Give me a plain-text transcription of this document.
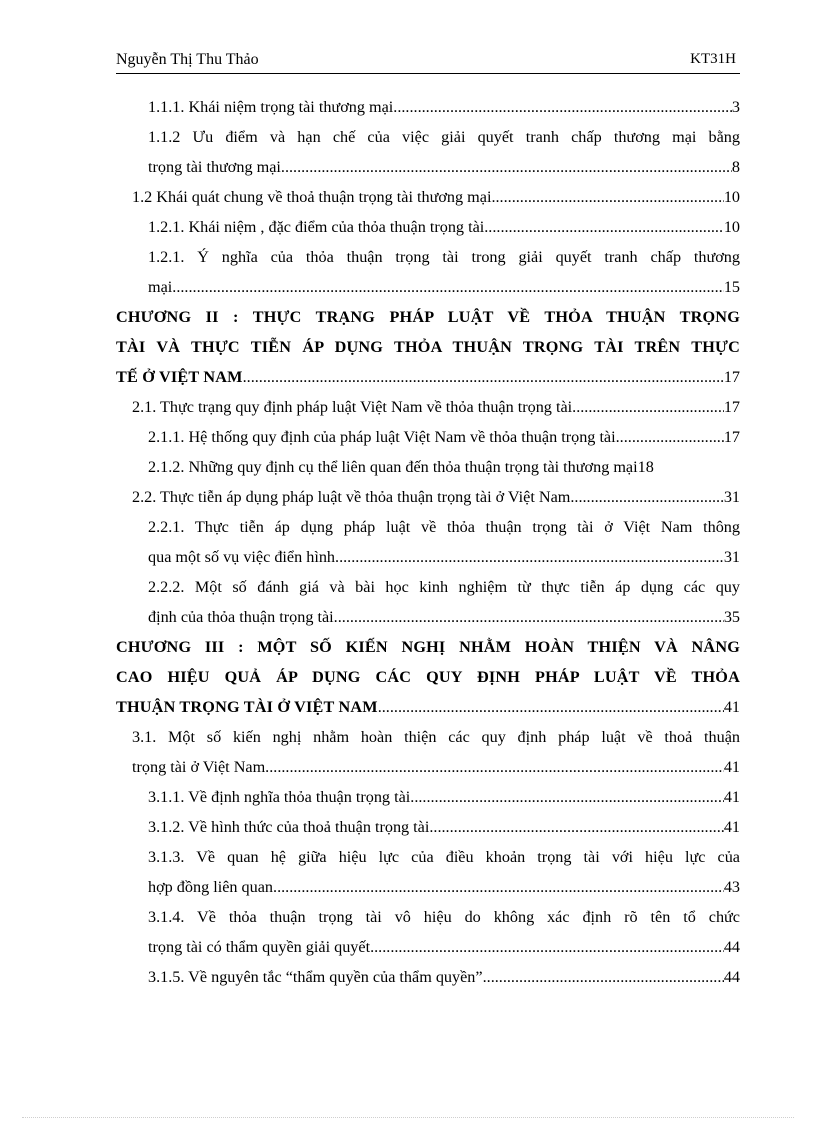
Nguyễn Thị Thu Thảo	KT31H
1.1.1. Khái niệm trọng tài thương mại .....	3
1.1.2 Ưu điểm và hạn chế của việc giải quyết tranh chấp thương mại bằng
trọng tài thương mại .....	8
1.2 Khái quát chung về thoả thuận trọng tài thương mại .....	10
1.2.1. Khái niệm , đặc điểm của thỏa thuận trọng tài .....	10
1.2.1. Ý nghĩa của thỏa thuận trọng tài trong giải quyết tranh chấp thương
mại .....	15
CHƯƠNG II : THỰC TRẠNG PHÁP LUẬT VỀ THỎA THUẬN TRỌNG
TÀI VÀ THỰC TIỄN ÁP DỤNG THỎA THUẬN TRỌNG TÀI TRÊN THỰC
TẾ Ở VIỆT NAM .....	17
2.1. Thực trạng quy định pháp luật Việt Nam về thỏa thuận trọng tài .....	17
2.1.1. Hệ thống quy định của pháp luật Việt Nam về thỏa thuận trọng tài .....	17
2.1.2. Những quy định cụ thể liên quan đến thỏa thuận trọng tài thương mại 18
2.2. Thực tiễn áp dụng pháp luật về thỏa thuận trọng tài ở Việt Nam .....	31
2.2.1. Thực tiễn áp dụng pháp luật về thỏa thuận trọng tài ở Việt Nam thông
qua một số vụ việc điển hình .....	31
2.2.2. Một số đánh giá và bài học kinh nghiệm từ thực tiễn áp dụng các quy
định của thỏa thuận trọng tài .....	35
CHƯƠNG III : MỘT SỐ KIẾN NGHỊ NHẰM HOÀN THIỆN VÀ NÂNG
CAO HIỆU QUẢ ÁP DỤNG CÁC QUY ĐỊNH PHÁP LUẬT VỀ THỎA
THUẬN TRỌNG TÀI Ở VIỆT NAM .....	41
3.1. Một số kiến nghị nhằm hoàn thiện các quy định pháp luật về thoả thuận
trọng tài ở Việt Nam .....	41
3.1.1. Về định nghĩa thỏa thuận trọng tài .....	41
3.1.2. Về hình thức của thoả thuận trọng tài .....	41
3.1.3. Về quan hệ giữa hiệu lực của điều khoản trọng tài với hiệu lực của
hợp đồng liên quan .....	43
3.1.4. Về thỏa thuận trọng tài vô hiệu do không xác định rõ tên tổ chức
trọng tài có thẩm quyền giải quyết .....	44
3.1.5. Về nguyên tắc “thẩm quyền của thẩm quyền” .....	44
